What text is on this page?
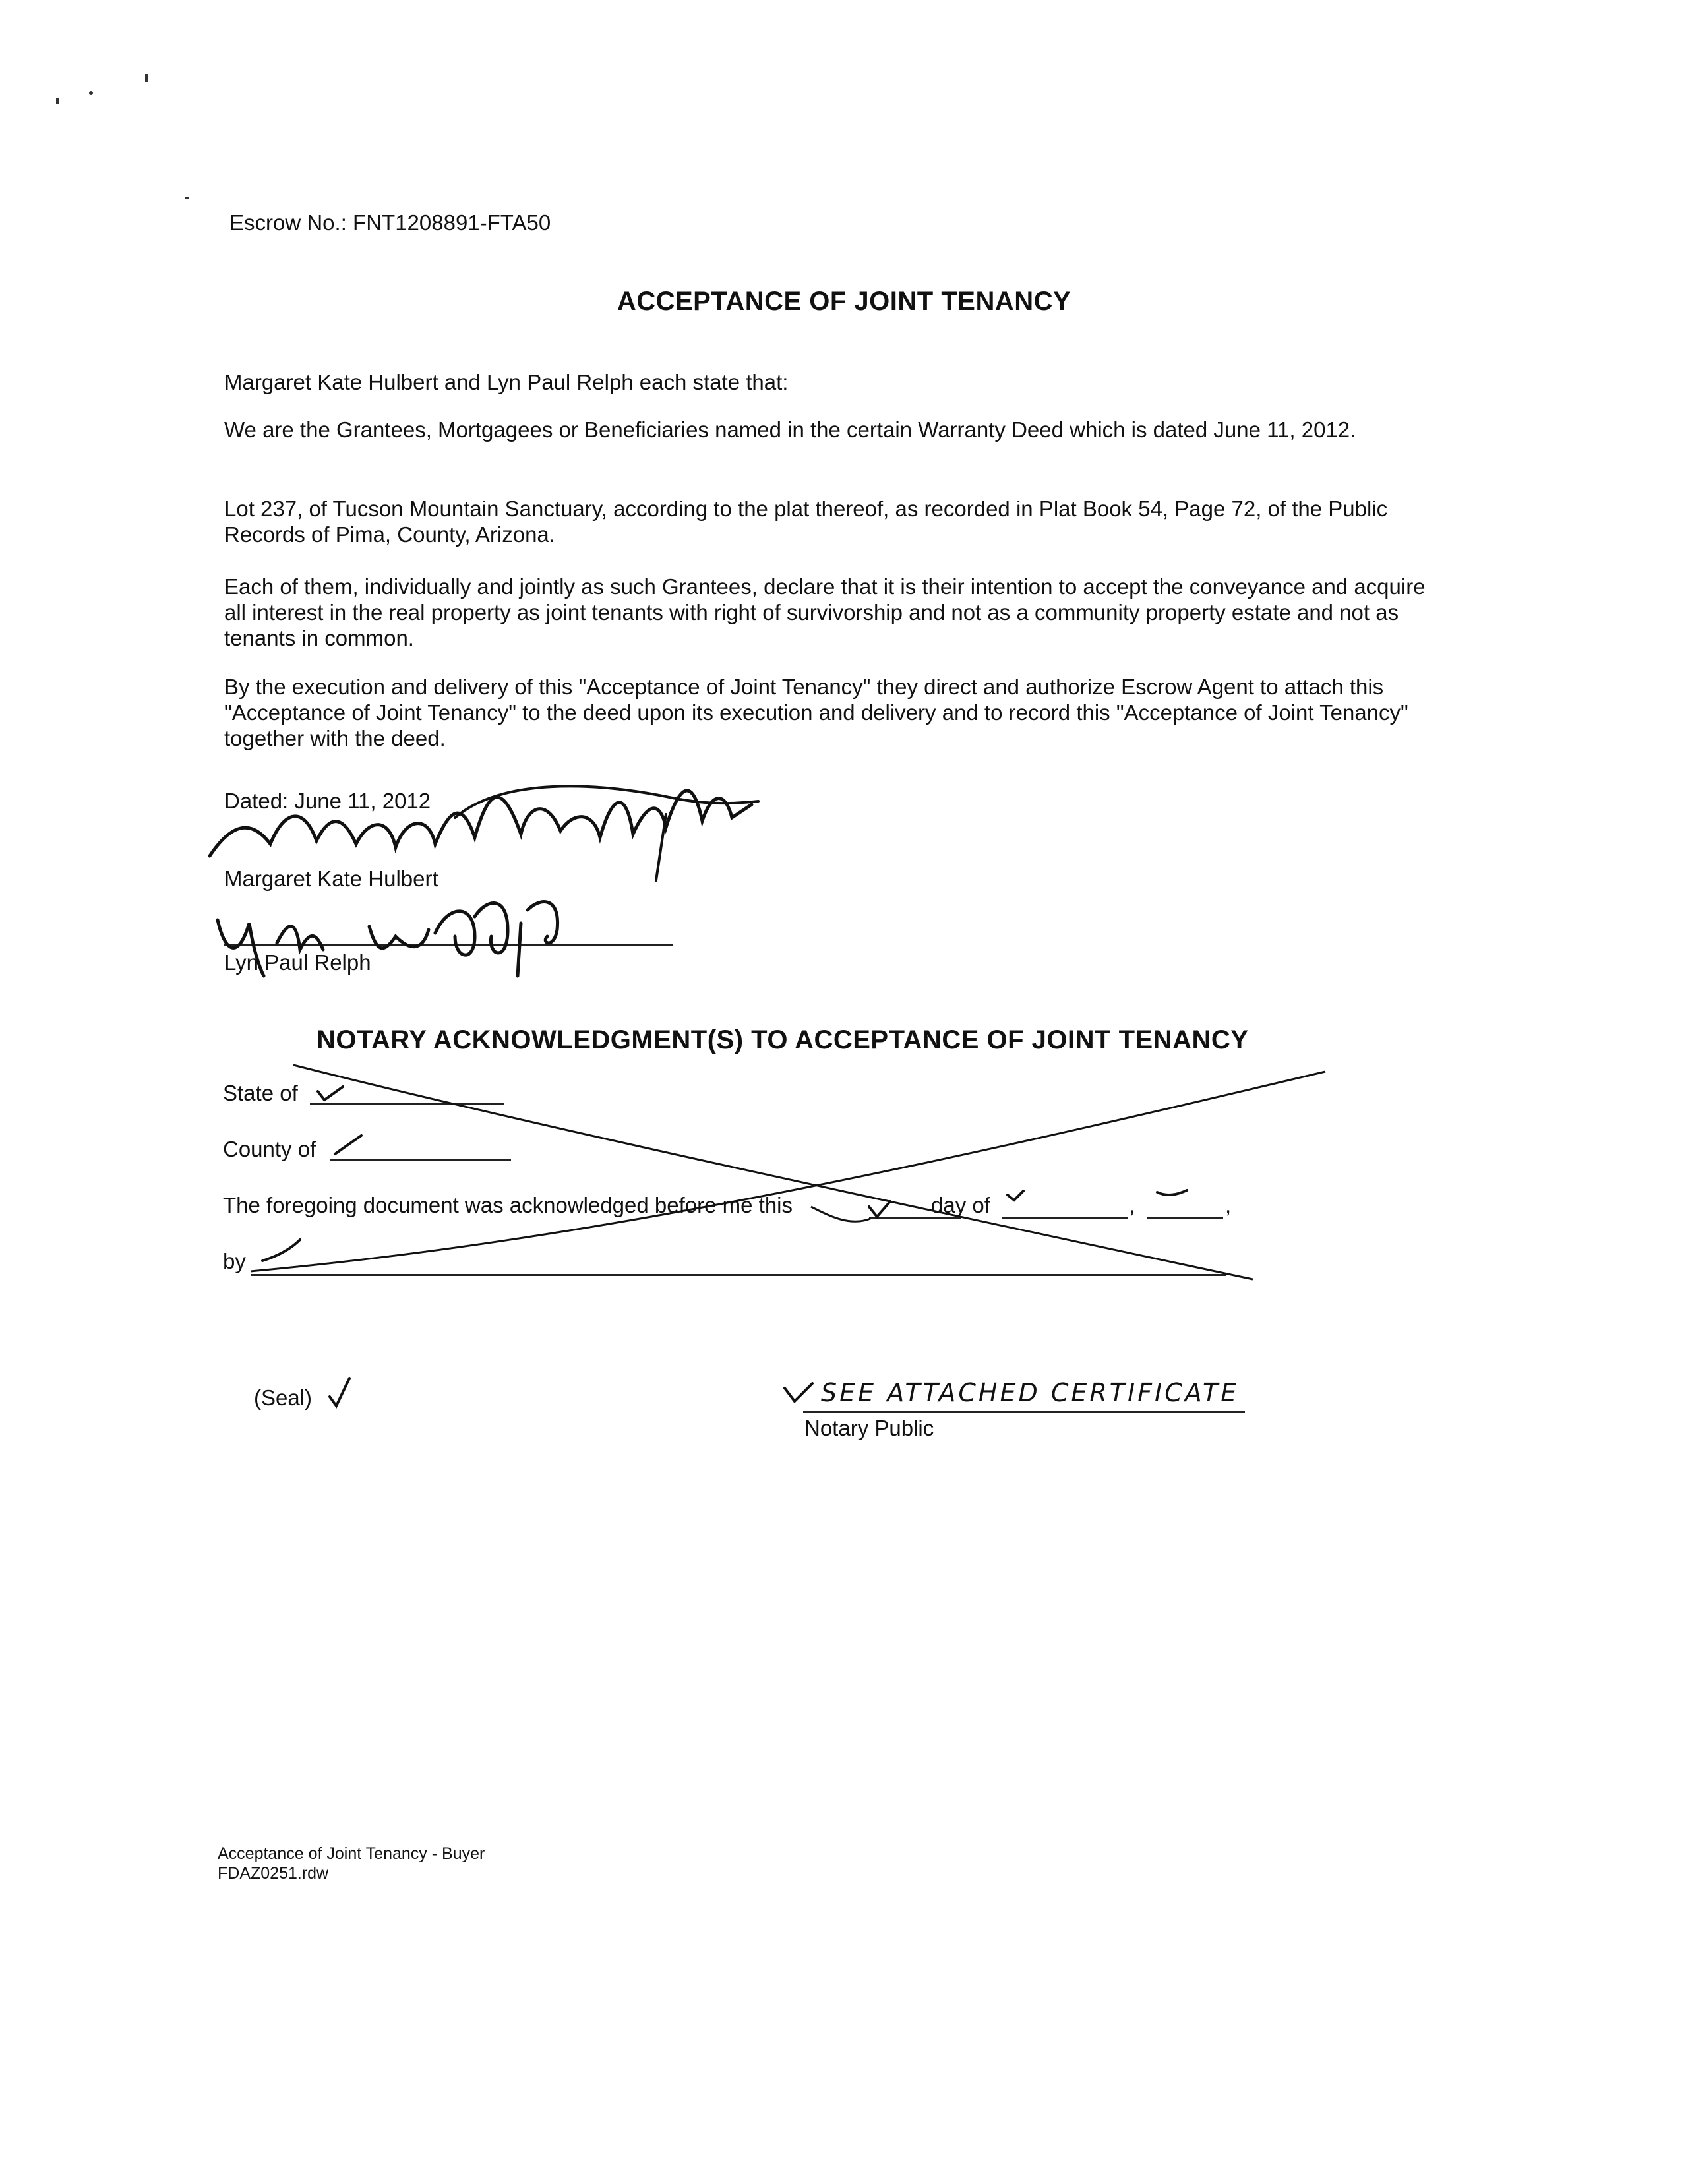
Escrow No.: FNT1208891-FTA50
ACCEPTANCE OF JOINT TENANCY
Margaret Kate Hulbert and Lyn Paul Relph each state that:
We are the Grantees, Mortgagees or Beneficiaries named in the certain Warranty Deed which is dated June 11, 2012.
Lot 237, of Tucson Mountain Sanctuary, according to the plat thereof, as recorded in Plat Book 54, Page 72, of the Public Records of Pima, County, Arizona.
Each of them, individually and jointly as such Grantees, declare that it is their intention to accept the conveyance and acquire all interest in the real property as joint tenants with right of survivorship and not as a community property estate and not as tenants in common.
By the execution and delivery of this "Acceptance of Joint Tenancy" they direct and authorize Escrow Agent to attach this "Acceptance of Joint Tenancy" to the deed upon its execution and delivery and to record this "Acceptance of Joint Tenancy" together with the deed.
Dated: June 11, 2012
Margaret Kate Hulbert
Lyn Paul Relph
NOTARY ACKNOWLEDGMENT(S) TO ACCEPTANCE OF JOINT TENANCY
State of
County of
The foregoing document was acknowledged before me this	day of	,	,
by
(Seal)	SEE ATTACHED CERTIFICATE
Notary Public
Acceptance of Joint Tenancy - Buyer
FDAZ0251.rdw
